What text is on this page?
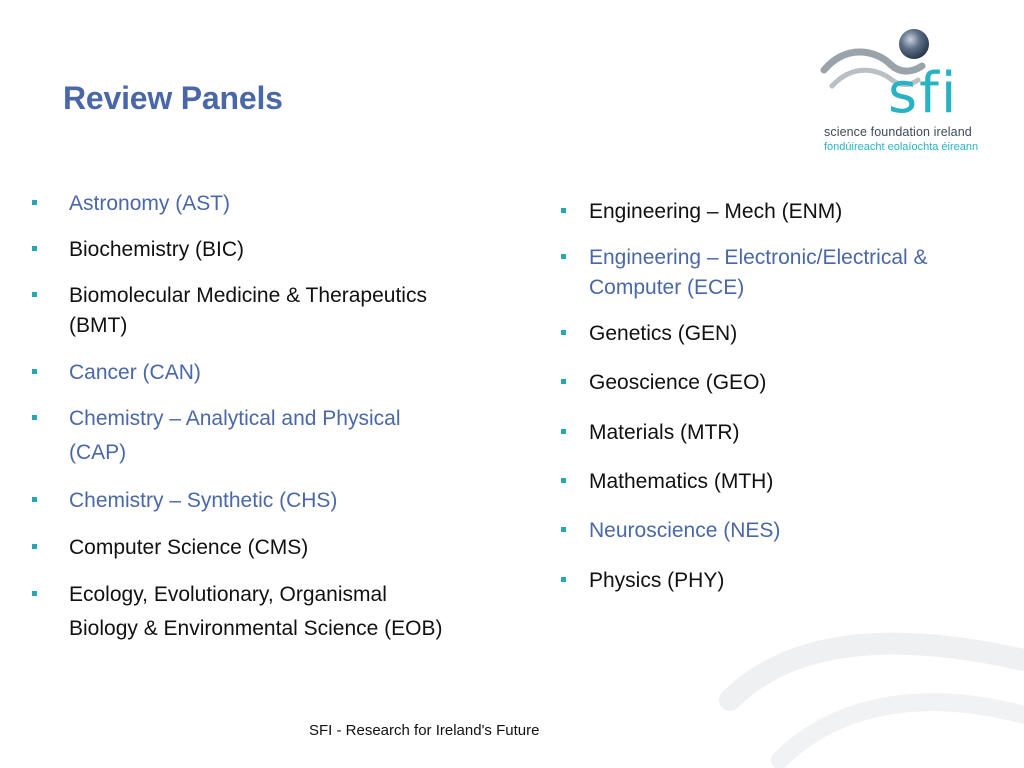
Review Panels	sfi
science foundation ireland
fondúireacht eolaíochta éireann
Astronomy (AST)
Biochemistry (BIC)
Biomolecular Medicine & Therapeutics
(BMT)
Cancer (CAN)
Chemistry – Analytical and Physical
(CAP)
Chemistry – Synthetic (CHS)
Computer Science (CMS)
Ecology, Evolutionary, Organismal
Biology & Environmental Science (EOB)
Engineering – Mech (ENM)
Engineering – Electronic/Electrical &
Computer (ECE)
Genetics (GEN)
Geoscience (GEO)
Materials (MTR)
Mathematics (MTH)
Neuroscience (NES)
Physics (PHY)
SFI - Research for Ireland's Future
